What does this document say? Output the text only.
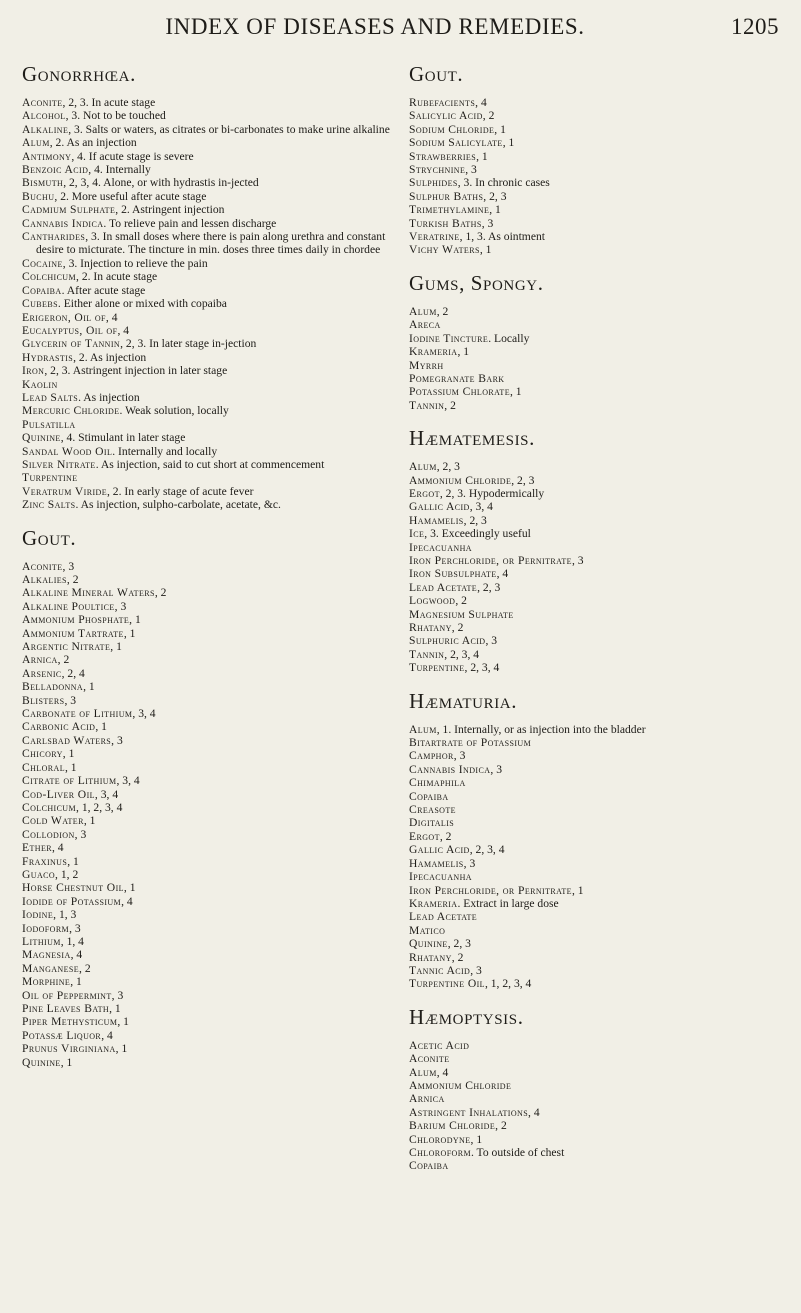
INDEX OF DISEASES AND REMEDIES.	1205
Gonorrhœa.
Aconite, 2, 3. In acute stage
Alcohol, 3. Not to be touched
Alkaline, 3. Salts or waters, as citrates or bi-carbonates to make urine alkaline
Alum, 2. As an injection
Antimony, 4. If acute stage is severe
Benzoic Acid, 4. Internally
Bismuth, 2, 3, 4. Alone, or with hydrastis in-jected
Buchu, 2. More useful after acute stage
Cadmium Sulphate, 2. Astringent injection
Cannabis Indica. To relieve pain and lessen discharge
Cantharides, 3. In small doses where there is pain along urethra and constant desire to micturate. The tincture in min. doses three times daily in chordee
Cocaine, 3. Injection to relieve the pain
Colchicum, 2. In acute stage
Copaiba. After acute stage
Cubebs. Either alone or mixed with copaiba
Erigeron, Oil of, 4
Eucalyptus, Oil of, 4
Glycerin of Tannin, 2, 3. In later stage in-jection
Hydrastis, 2. As injection
Iron, 2, 3. Astringent injection in later stage
Kaolin
Lead Salts. As injection
Mercuric Chloride. Weak solution, locally
Pulsatilla
Quinine, 4. Stimulant in later stage
Sandal Wood Oil. Internally and locally
Silver Nitrate. As injection, said to cut short at commencement
Turpentine
Veratrum Viride, 2. In early stage of acute fever
Zinc Salts. As injection, sulpho-carbolate, acetate, &c.
Gout.
Aconite, 3
Alkalies, 2
Alkaline Mineral Waters, 2
Alkaline Poultice, 3
Ammonium Phosphate, 1
Ammonium Tartrate, 1
Argentic Nitrate, 1
Arnica, 2
Arsenic, 2, 4
Belladonna, 1
Blisters, 3
Carbonate of Lithium, 3, 4
Carbonic Acid, 1
Carlsbad Waters, 3
Chicory, 1
Chloral, 1
Citrate of Lithium, 3, 4
Cod-Liver Oil, 3, 4
Colchicum, 1, 2, 3, 4
Cold Water, 1
Collodion, 3
Ether, 4
Fraxinus, 1
Guaco, 1, 2
Horse Chestnut Oil, 1
Iodide of Potassium, 4
Iodine, 1, 3
Iodoform, 3
Lithium, 1, 4
Magnesia, 4
Manganese, 2
Morphine, 1
Oil of Peppermint, 3
Pine Leaves Bath, 1
Piper Methysticum, 1
Potassæ Liquor, 4
Prunus Virginiana, 1
Quinine, 1
Gout.
Rubefacients, 4
Salicylic Acid, 2
Sodium Chloride, 1
Sodium Salicylate, 1
Strawberries, 1
Strychnine, 3
Sulphides, 3. In chronic cases
Sulphur Baths, 2, 3
Trimethylamine, 1
Turkish Baths, 3
Veratrine, 1, 3. As ointment
Vichy Waters, 1
Gums, Spongy.
Alum, 2
Areca
Iodine Tincture. Locally
Krameria, 1
Myrrh
Pomegranate Bark
Potassium Chlorate, 1
Tannin, 2
Hæmatemesis.
Alum, 2, 3
Ammonium Chloride, 2, 3
Ergot, 2, 3. Hypodermically
Gallic Acid, 3, 4
Hamamelis, 2, 3
Ice, 3. Exceedingly useful
Ipecacuanha
Iron Perchloride, or Pernitrate, 3
Iron Subsulphate, 4
Lead Acetate, 2, 3
Logwood, 2
Magnesium Sulphate
Rhatany, 2
Sulphuric Acid, 3
Tannin, 2, 3, 4
Turpentine, 2, 3, 4
Hæmaturia.
Alum, 1. Internally, or as injection into the bladder
Bitartrate of Potassium
Camphor, 3
Cannabis Indica, 3
Chimaphila
Copaiba
Creasote
Digitalis
Ergot, 2
Gallic Acid, 2, 3, 4
Hamamelis, 3
Ipecacuanha
Iron Perchloride, or Pernitrate, 1
Krameria. Extract in large dose
Lead Acetate
Matico
Quinine, 2, 3
Rhatany, 2
Tannic Acid, 3
Turpentine Oil, 1, 2, 3, 4
Hæmoptysis.
Acetic Acid
Aconite
Alum, 4
Ammonium Chloride
Arnica
Astringent Inhalations, 4
Barium Chloride, 2
Chlorodyne, 1
Chloroform. To outside of chest
Copaiba
